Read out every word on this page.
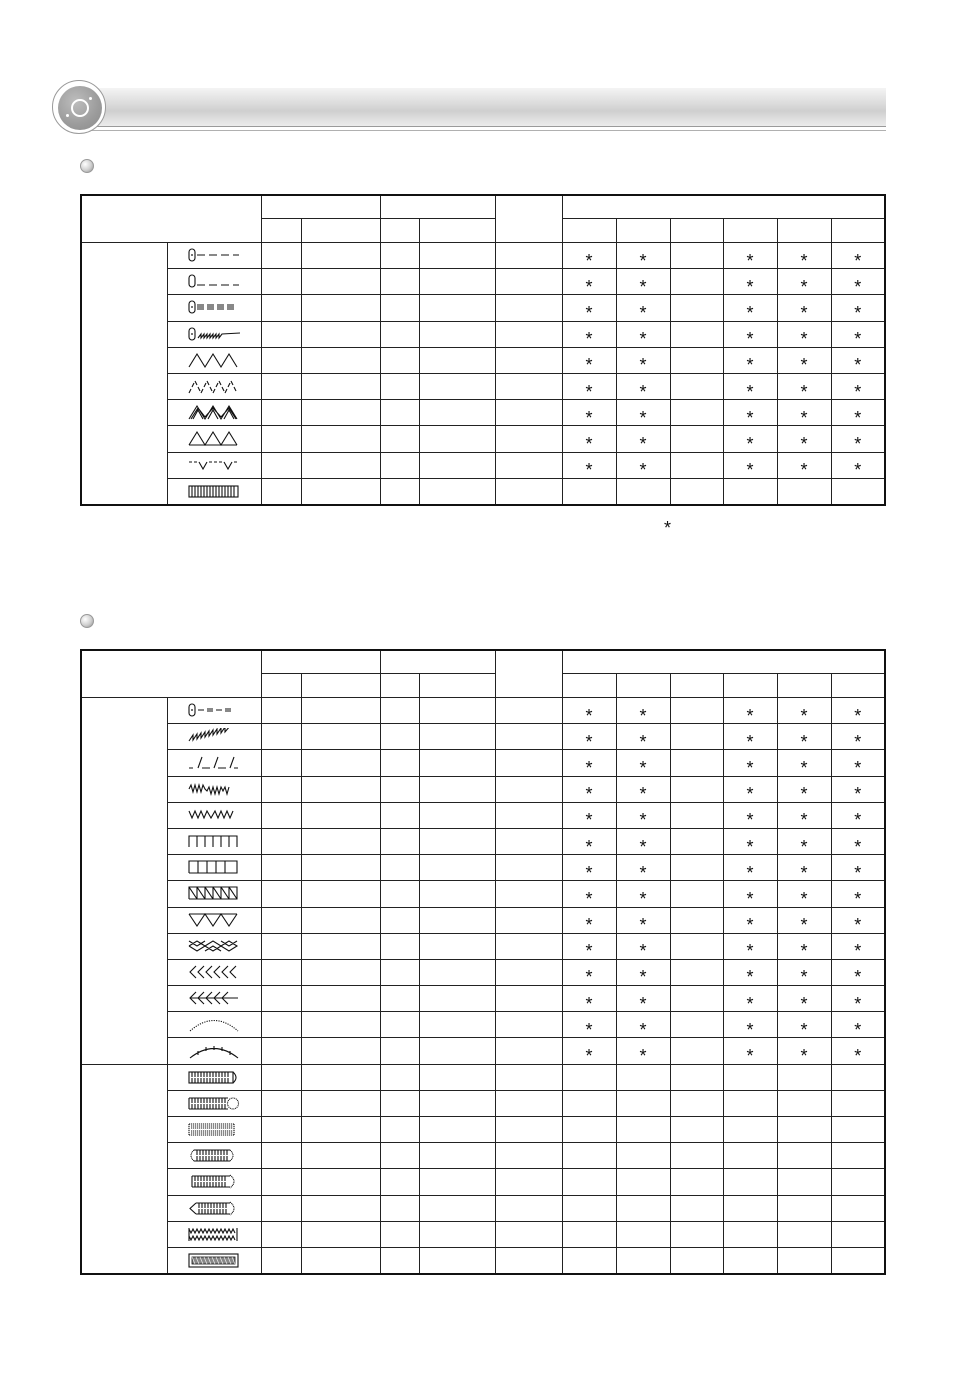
						*	*		*	*	*

						*	*		*	*	*

						*	*		*	*	*

						*	*		*	*	*

						*	*		*	*	*

						*	*		*	*	*

						*	*		*	*	*

						*	*		*	*	*

						*	*		*	*	*

*

						*	*		*	*	*

						*	*		*	*	*

						*	*		*	*	*

						*	*		*	*	*

						*	*		*	*	*

						*	*		*	*	*

						*	*		*	*	*

						*	*		*	*	*

						*	*		*	*	*

						*	*		*	*	*

						*	*		*	*	*

						*	*		*	*	*

						*	*		*	*	*

						*	*		*	*	*
